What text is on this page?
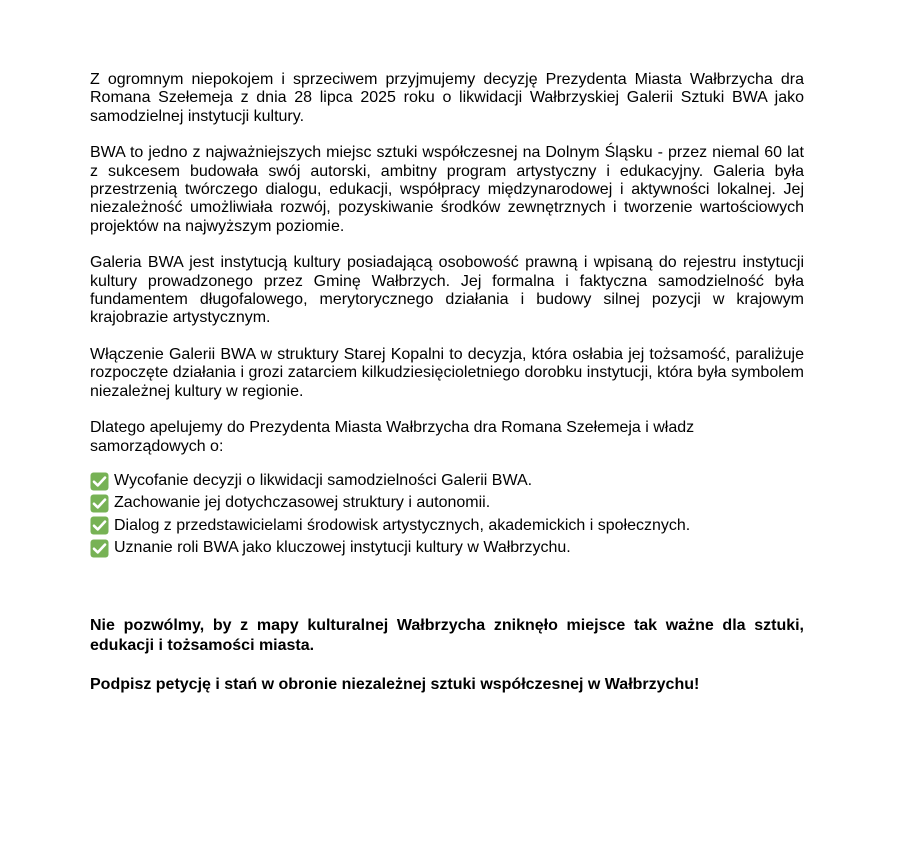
Z ogromnym niepokojem i sprzeciwem przyjmujemy decyzję Prezydenta Miasta Wałbrzycha dra Romana Szełemeja z dnia 28 lipca 2025 roku o likwidacji Wałbrzyskiej Galerii Sztuki BWA jako samodzielnej instytucji kultury.

BWA to jedno z najważniejszych miejsc sztuki współczesnej na Dolnym Śląsku - przez niemal 60 lat z sukcesem budowała swój autorski, ambitny program artystyczny i edukacyjny. Galeria była przestrzenią twórczego dialogu, edukacji, współpracy międzynarodowej i aktywności lokalnej. Jej niezależność umożliwiała rozwój, pozyskiwanie środków zewnętrznych i tworzenie wartościowych projektów na najwyższym poziomie.

Galeria BWA jest instytucją kultury posiadającą osobowość prawną i wpisaną do rejestru instytucji kultury prowadzonego przez Gminę Wałbrzych. Jej formalna i faktyczna samodzielność była fundamentem długofalowego, merytorycznego działania i budowy silnej pozycji w krajowym krajobrazie artystycznym.

Włączenie Galerii BWA w struktury Starej Kopalni to decyzja, która osłabia jej tożsamość, paraliżuje rozpoczęte działania i grozi zatarciem kilkudziesięcioletniego dorobku instytucji, która była symbolem niezależnej kultury w regionie.

Dlatego apelujemy do Prezydenta Miasta Wałbrzycha dra Romana Szełemeja i władz samorządowych o:

Wycofanie decyzji o likwidacji samodzielności Galerii BWA.
Zachowanie jej dotychczasowej struktury i autonomii.
Dialog z przedstawicielami środowisk artystycznych, akademickich i społecznych.
Uznanie roli BWA jako kluczowej instytucji kultury w Wałbrzychu.

Nie pozwólmy, by z mapy kulturalnej Wałbrzycha zniknęło miejsce tak ważne dla sztuki, edukacji i tożsamości miasta.

Podpisz petycję i stań w obronie niezależnej sztuki współczesnej w Wałbrzychu!
